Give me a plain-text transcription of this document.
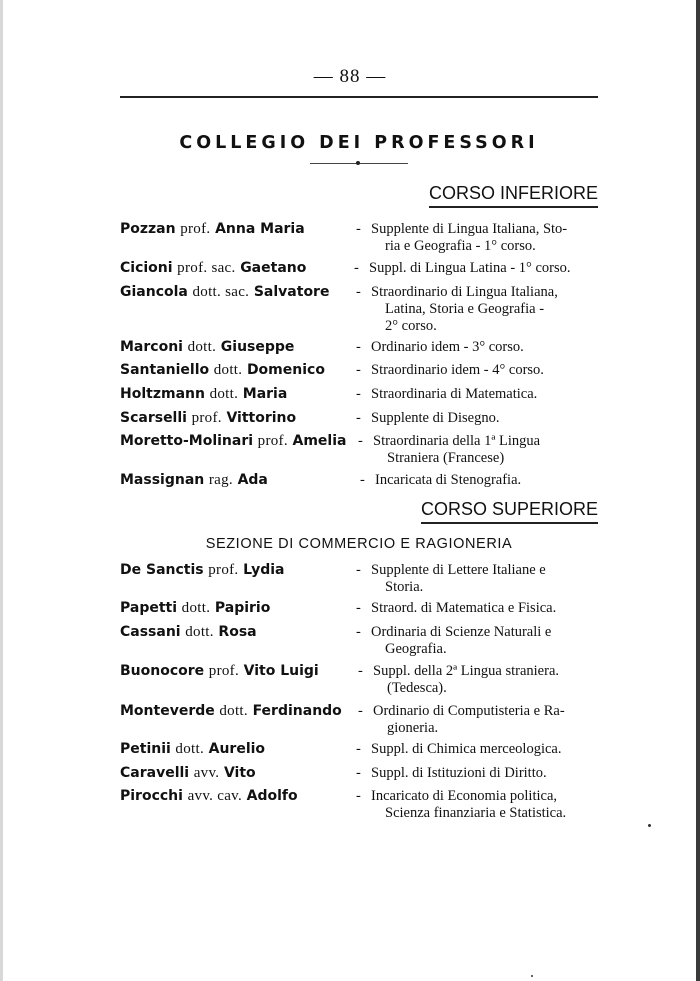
— 88 —
COLLEGIO DEI PROFESSORI
CORSO INFERIORE
Pozzan prof. Anna Maria	- Supplente di Lingua Italiana, Sto-
ria e Geografia - 1° corso.
Cicioni prof. sac. Gaetano	- Suppl. di Lingua Latina - 1° corso.
Giancola dott. sac. Salvatore - Straordinario di Lingua Italiana,
Latina, Storia e Geografia -
2° corso.
Marconi dott. Giuseppe	- Ordinario idem - 3° corso.
Santaniello dott. Domenico - Straordinario idem - 4° corso.
Holtzmann dott. Maria	- Straordinaria di Matematica.
Scarselli prof. Vittorino	- Supplente di Disegno.
Moretto-Molinari prof. Amelia - Straordinaria della 1ª Lingua
Straniera (Francese)
Massignan rag. Ada	- Incaricata di Stenografia.
CORSO SUPERIORE
SEZIONE DI COMMERCIO E RAGIONERIA
De Sanctis prof. Lydia	- Supplente di Lettere Italiane e
Storia.
Papetti dott. Papirio	- Straord. di Matematica e Fisica.
Cassani dott. Rosa	- Ordinaria di Scienze Naturali e
Geografia.
Buonocore prof. Vito Luigi	- Suppl. della 2ª Lingua straniera.
(Tedesca).
Monteverde dott. Ferdinando - Ordinario di Computisteria e Ra-
gioneria.
Petinii dott. Aurelio	- Suppl. di Chimica merceologica.
Caravelli avv. Vito	- Suppl. di Istituzioni di Diritto.
Pirocchi avv. cav. Adolfo	- Incaricato di Economia politica,
Scienza finanziaria e Statistica.
